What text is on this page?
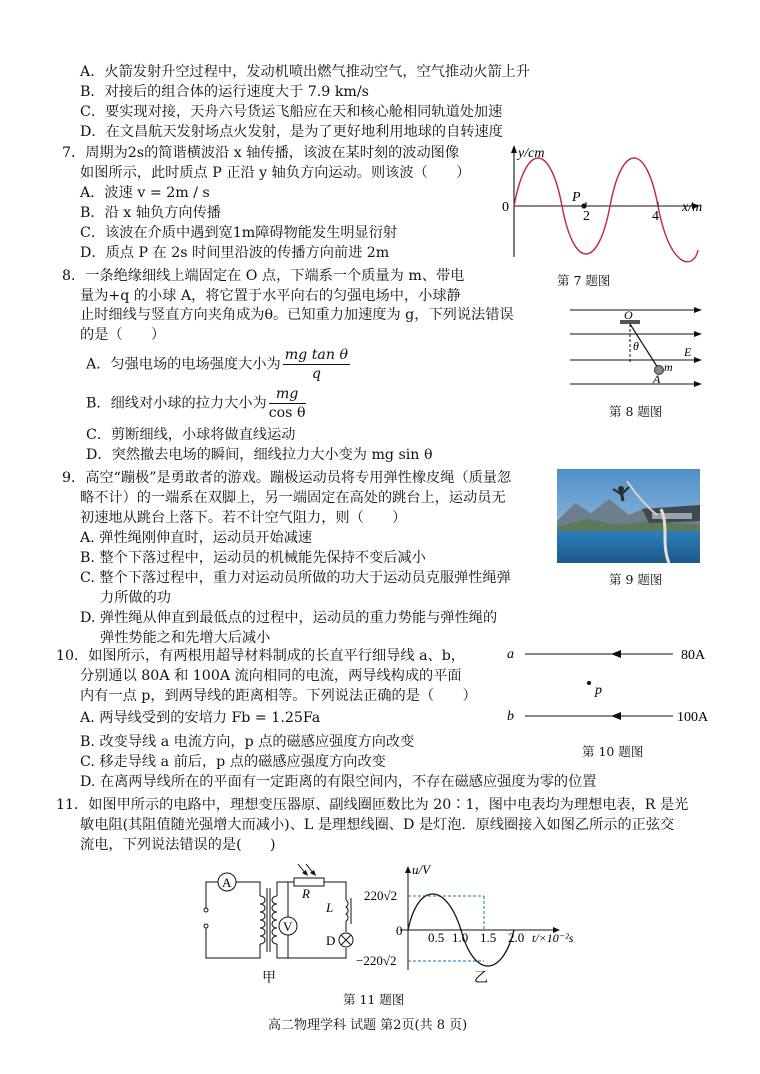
A．火箭发射升空过程中，发动机喷出燃气推动空气，空气推动火箭上升
B．对接后的组合体的运行速度大于 7.9 km/s
C．要实现对接，天舟六号货运飞船应在天和核心舱相同轨道处加速
D．在文昌航天发射场点火发射，是为了更好地利用地球的自转速度
7．周期为2s的简谐横波沿 x 轴传播，该波在某时刻的波动图像
如图所示，此时质点 P 正沿 y 轴负方向运动。则该波（　　）
A．波速 v = 2m / s
B．沿 x 轴负方向传播
C．该波在介质中遇到宽1m障碍物能发生明显衍射
D．质点 P 在 2s 时间里沿波的传播方向前进 2m
y/cm
x/m
0
P
2	4
第 7 题图
8．一条绝缘细线上端固定在 O 点，下端系一个质量为 m、带电
量为+q 的小球 A，将它置于水平向右的匀强电场中，小球静
止时细线与竖直方向夹角成为θ。已知重力加速度为 g，下列说法错误
的是（　　）
A．匀强电场的电场强度大小为 $\frac{\text{mg tan θ}}{q}$
B．细线对小球的拉力大小为 $\frac{mg}{\text{cos θ}}$
C．剪断细线，小球将做直线运动
D．突然撤去电场的瞬间，细线拉力大小变为 mg sin θ
O
θ	E
m
A
第 8 题图
9．高空“蹦极”是勇敢者的游戏。蹦极运动员将专用弹性橡皮绳（质量忽
略不计）的一端系在双脚上，另一端固定在高处的跳台上，运动员无
初速地从跳台上落下。若不计空气阻力，则（　　）
A. 弹性绳刚伸直时，运动员开始减速
B. 整个下落过程中，运动员的机械能先保持不变后减小
C. 整个下落过程中，重力对运动员所做的功大于运动员克服弹性绳弹
力所做的功
D. 弹性绳从伸直到最低点的过程中，运动员的重力势能与弹性绳的
弹性势能之和先增大后减小
第 9 题图
10．如图所示，有两根用超导材料制成的长直平行细导线 a、b，
分别通以 80A 和 100A 流向相同的电流，两导线构成的平面
内有一点 p，到两导线的距离相等。下列说法正确的是（　　）
A. 两导线受到的安培力 Fb = 1.25Fa
B. 改变导线 a 电流方向，p 点的磁感应强度方向改变
C. 移走导线 a 前后，p 点的磁感应强度方向改变
D. 在离两导线所在的平面有一定距离的有限空间内，不存在磁感应强度为零的位置
a
b
80A
100A
p
第 10 题图
11．如图甲所示的电路中，理想变压器原、副线圈匝数比为 20∶1，图中电表均为理想电表，R 是光
敏电阻(其阻值随光强增大而减小)、L 是理想线圈、D 是灯泡．原线圈接入如图乙所示的正弦交
流电，下列说法错误的是(　　)
A
R
V
L
D
甲
u/V
t/×10⁻²s
220√2
−220√2
0 0.5 1.0 1.5 2.0
乙
第 11 题图
高二物理学科 试题 第2页(共 8 页)
